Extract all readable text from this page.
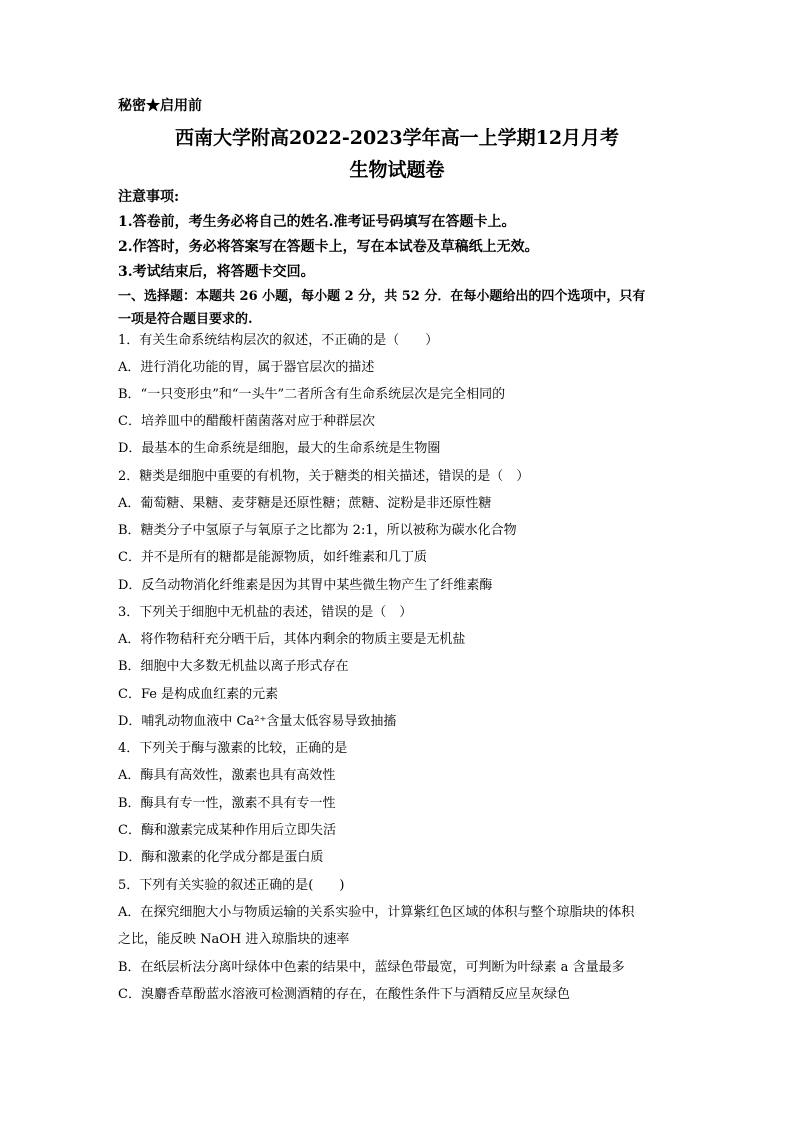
秘密★启用前
西南大学附高2022-2023学年高一上学期12月月考
生物试题卷
注意事项:
1.答卷前，考生务必将自己的姓名.准考证号码填写在答题卡上。
2.作答时，务必将答案写在答题卡上，写在本试卷及草稿纸上无效。
3.考试结束后，将答题卡交回。
一、选择题：本题共 26 小题，每小题 2 分，共 52 分．在每小题给出的四个选项中，只有
一项是符合题目要求的.
1．有关生命系统结构层次的叙述，不正确的是（　　）
A．进行消化功能的胃，属于器官层次的描述
B．“一只变形虫”和“一头牛”二者所含有生命系统层次是完全相同的
C．培养皿中的醋酸杆菌菌落对应于种群层次
D．最基本的生命系统是细胞，最大的生命系统是生物圈
2．糖类是细胞中重要的有机物，关于糖类的相关描述，错误的是（　）
A．葡萄糖、果糖、麦芽糖是还原性糖；蔗糖、淀粉是非还原性糖
B．糖类分子中氢原子与氧原子之比都为 2:1，所以被称为碳水化合物
C．并不是所有的糖都是能源物质，如纤维素和几丁质
D．反刍动物消化纤维素是因为其胃中某些微生物产生了纤维素酶
3．下列关于细胞中无机盐的表述，错误的是（　）
A．将作物秸秆充分晒干后，其体内剩余的物质主要是无机盐
B．细胞中大多数无机盐以离子形式存在
C．Fe 是构成血红素的元素
D．哺乳动物血液中 Ca²⁺含量太低容易导致抽搐
4．下列关于酶与激素的比较，正确的是
A．酶具有高效性，激素也具有高效性
B．酶具有专一性，激素不具有专一性
C．酶和激素完成某种作用后立即失活
D．酶和激素的化学成分都是蛋白质
5．下列有关实验的叙述正确的是(　　)
A．在探究细胞大小与物质运输的关系实验中，计算紫红色区域的体积与整个琼脂块的体积
之比，能反映 NaOH 进入琼脂块的速率
B．在纸层析法分离叶绿体中色素的结果中，蓝绿色带最宽，可判断为叶绿素 a 含量最多
C．溴麝香草酚蓝水溶液可检测酒精的存在，在酸性条件下与酒精反应呈灰绿色
